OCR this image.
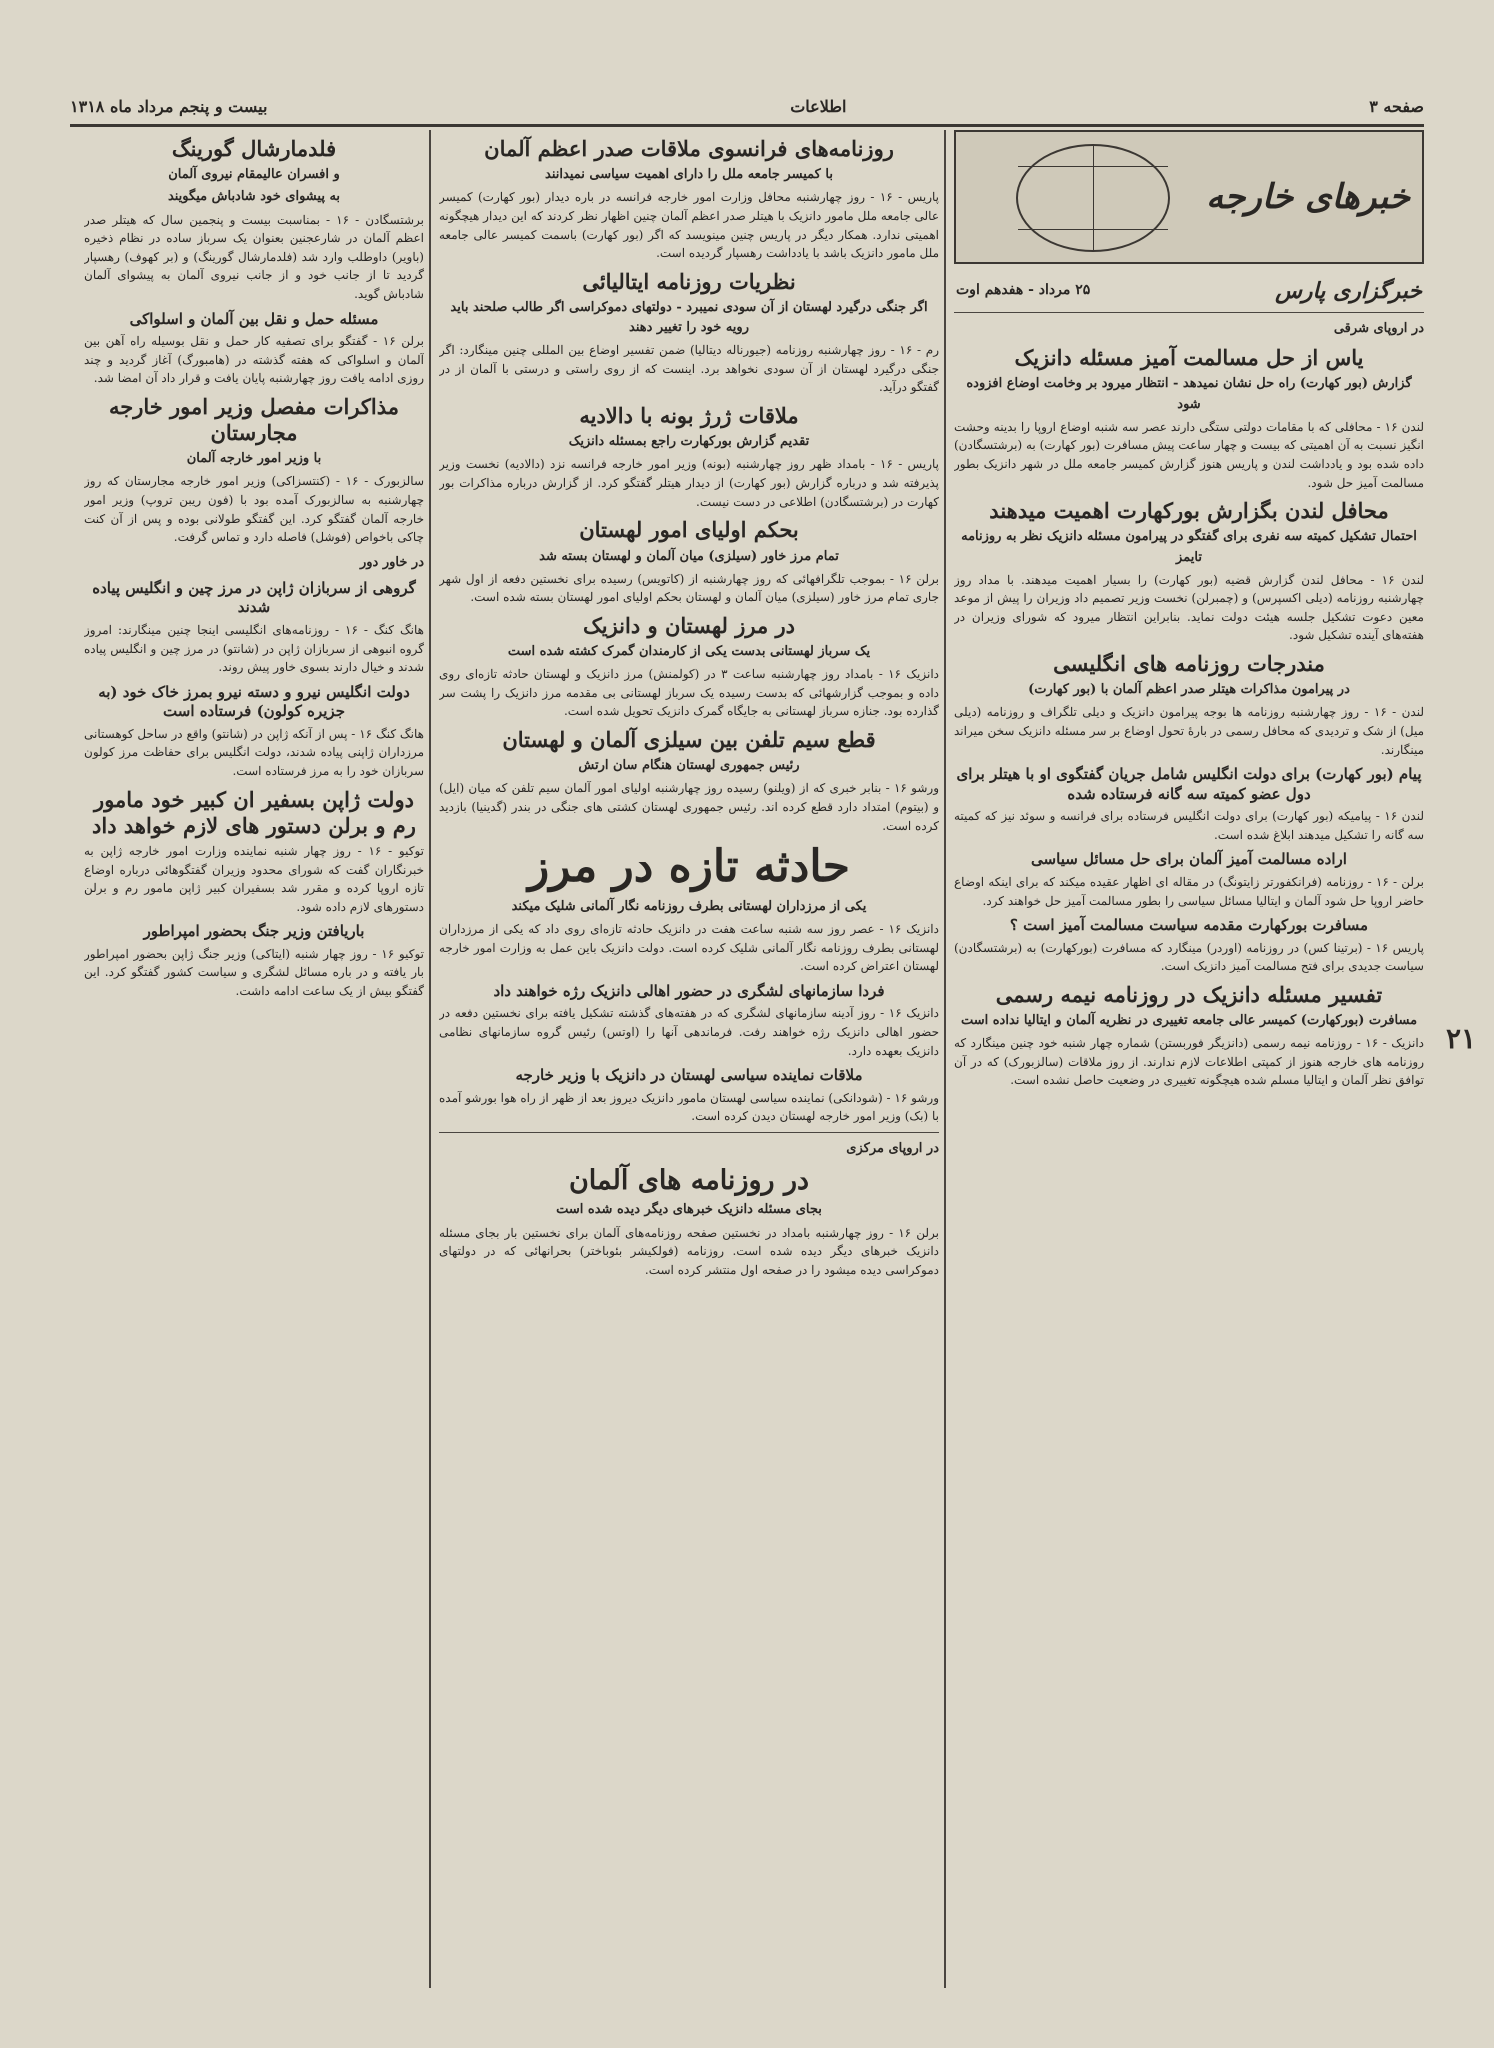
صفحه ۳
اطلاعات
بیست و پنجم مرداد ماه ۱۳۱۸
خبرهای خارجه
خبرگزاری پارس
۲۵ مرداد - هفدهم اوت
در اروپای شرقی
یاس از حل مسالمت آمیز مسئله دانزیک
گزارش (بور کهارت) راه حل نشان نمیدهد - انتظار میرود بر وخامت اوضاع افزوده شود

لندن ۱۶ - محافلی که با مقامات دولتی ستگی دارند عصر سه شنبه اوضاع اروپا را بدینه وحشت انگیز نسبت به آن اهمیتی که بیست و چهار ساعت پیش مسافرت (بور کهارت) به (برشتسگادن) داده شده بود و یادداشت لندن و پاریس هنوز گزارش کمیسر جامعه ملل در شهر دانزیک بطور مسالمت آمیز حل شود.

محافل لندن بگزارش بورکهارت اهمیت میدهند
احتمال تشکیل کمیته سه نفری برای گفتگو در پیرامون مسئله دانزیک نظر به روزنامه تایمز

لندن ۱۶ - محافل لندن گزارش قضیه (بور کهارت) را بسیار اهمیت میدهند. با مداد روز چهارشنبه روزنامه (دیلی اکسپرس) و (چمبرلن) نخست وزیر تصمیم داد وزیران را پیش از موعد معین دعوت تشکیل جلسه هیئت دولت نماید. بنابراین انتظار میرود که شورای وزیران در هفته‌های آینده تشکیل شود.

مندرجات روزنامه های انگلیسی
در پیرامون مذاکرات هیتلر صدر اعظم آلمان با (بور کهارت)

لندن - ۱۶ - روز چهارشنبه روزنامه ها بوجه پیرامون دانزیک و دیلی تلگراف و روزنامه (دیلی میل) از شک و تردیدی که محافل رسمی در بارهٔ تحول اوضاع بر سر مسئله دانزیک سخن میراند مینگارند.

پیام (بور کهارت) برای دولت انگلیس شامل جریان گفتگوی او با هیتلر برای دول عضو کمیته سه گانه فرستاده شده

لندن ۱۶ - پیامیکه (بور کهارت) برای دولت انگلیس فرستاده برای فرانسه و سوئد نیز که کمیته سه گانه را تشکیل میدهند ابلاغ شده است.

اراده مسالمت آمیز آلمان برای حل مسائل سیاسی

برلن - ۱۶ - روزنامه (فرانکفورتر زایتونگ) در مقاله ای اظهار عقیده میکند که برای اینکه اوضاع حاضر اروپا حل شود آلمان و ایتالیا مسائل سیاسی را بطور مسالمت آمیز حل خواهند کرد.

مسافرت بورکهارت مقدمه سیاست مسالمت آمیز است ؟

پاریس ۱۶ - (برتینا کس) در روزنامه (اوردر) مینگارد که مسافرت (بورکهارت) به (برشتسگادن) سیاست جدیدی برای فتح مسالمت آمیز دانزیک است.

تفسیر مسئله دانزیک در روزنامه نیمه رسمی
مسافرت (بورکهارت) کمیسر عالی جامعه تغییری در نظریه آلمان و ایتالیا نداده است

دانزیک - ۱۶ - روزنامه نیمه رسمی (دانزیگر فوربستن) شماره چهار شنبه خود چنین مینگارد که روزنامه های خارجه هنوز از کمپتی اطلاعات لازم ندارند. از روز ملاقات (سالزبورک) که در آن توافق نظر آلمان و ایتالیا مسلم شده هیچگونه تغییری در وضعیت حاصل نشده است.

روزنامه‌های فرانسوی ملاقات صدر اعظم آلمان
با کمیسر جامعه ملل را دارای اهمیت سیاسی نمیدانند

پاریس - ۱۶ - روز چهارشنبه محافل وزارت امور خارجه فرانسه در باره دیدار (بور کهارت) کمیسر عالی جامعه ملل مامور دانزیک با هیتلر صدر اعظم آلمان چنین اظهار نظر کردند که این دیدار هیچگونه اهمیتی ندارد. همکار دیگر در پاریس چنین مینویسد که اگر (بور کهارت) باسمت کمیسر عالی جامعه ملل مامور دانزیک باشد با یادداشت رهسپار گردیده است.

نظریات روزنامه ایتالیائی
اگر جنگی درگیرد لهستان از آن سودی نمیبرد - دولتهای دموکراسی اگر طالب صلحند باید رویه خود را تغییر دهند

رم - ۱۶ - روز چهارشنبه روزنامه (جیورناله دیتالیا) ضمن تفسیر اوضاع بین المللی چنین مینگارد: اگر جنگی درگیرد لهستان از آن سودی نخواهد برد. اینست که از روی راستی و درستی با آلمان از در گفتگو درآید.

ملاقات ژرژ بونه با دالادیه
تقدیم گزارش بورکهارت راجع بمسئله دانزیک

پاریس - ۱۶ - بامداد ظهر روز چهارشنبه (بونه) وزیر امور خارجه فرانسه نزد (دالادیه) نخست وزیر پذیرفته شد و درباره گزارش (بور کهارت) از دیدار هیتلر گفتگو کرد. از گزارش درباره مذاکرات بور کهارت در (برشتسگادن) اطلاعی در دست نیست.

بحکم اولیای امور لهستان
تمام مرز خاور (سیلزی) میان آلمان و لهستان بسته شد

برلن ۱۶ - بموجب تلگرافهائی که روز چهارشنبه از (کاتویس) رسیده برای نخستین دفعه از اول شهر جاری تمام مرز خاور (سیلزی) میان آلمان و لهستان بحکم اولیای امور لهستان بسته شده است.

در مرز لهستان و دانزیک
یک سرباز لهستانی بدست یکی از کارمندان گمرک کشته شده است

دانزیک ۱۶ - بامداد روز چهارشنبه ساعت ۳ در (کولمنش) مرز دانزیک و لهستان حادثه تازه‌ای روی داده و بموجب گزارشهائی که بدست رسیده یک سرباز لهستانی بی مقدمه مرز دانزیک را پشت سر گذارده بود. جنازه سرباز لهستانی به جایگاه گمرک دانزیک تحویل شده است.

قطع سیم تلفن بین سیلزی آلمان و لهستان
رئیس جمهوری لهستان هنگام سان ارتش

ورشو ۱۶ - بنابر خبری که از (ویلنو) رسیده روز چهارشنبه اولیای امور آلمان سیم تلفن که میان (ایل) و (بیتوم) امتداد دارد قطع کرده اند. رئیس جمهوری لهستان کشتی های جنگی در بندر (گدینیا) بازدید کرده است.

حادثه تازه در مرز
یکی از مرزداران لهستانی بطرف روزنامه نگار آلمانی شلیک میکند

دانزیک ۱۶ - عصر روز سه شنبه ساعت هفت در دانزیک حادثه تازه‌ای روی داد که یکی از مرزداران لهستانی بطرف روزنامه نگار آلمانی شلیک کرده است. دولت دانزیک باین عمل به وزارت امور خارجه لهستان اعتراض کرده است.

فردا سازمانهای لشگری در حضور اهالی دانزیک رژه خواهند داد

دانزیک ۱۶ - روز آدینه سازمانهای لشگری که در هفته‌های گذشته تشکیل یافته برای نخستین دفعه در حضور اهالی دانزیک رژه خواهند رفت. فرماندهی آنها را (اوتس) رئیس گروه سازمانهای نظامی دانزیک بعهده دارد.

ملاقات نماینده سیاسی لهستان در دانزیک با وزیر خارجه

ورشو ۱۶ - (شودانکی) نماینده سیاسی لهستان مامور دانزیک دیروز بعد از ظهر از راه هوا بورشو آمده با (بک) وزیر امور خارجه لهستان دیدن کرده است.

در اروپای مرکزی
در روزنامه های آلمان
بجای مسئله دانزیک خبرهای دیگر دیده شده است

برلن ۱۶ - روز چهارشنبه بامداد در نخستین صفحه روزنامه‌های آلمان برای نخستین بار بجای مسئله دانزیک خبرهای دیگر دیده شده است. روزنامه (فولکیشر بئوباختر) بحرانهائی که در دولتهای دموکراسی دیده میشود را در صفحه اول منتشر کرده است.

فلدمارشال گورینگ
و افسران عالیمقام نیروی آلمان
به پیشوای خود شادباش میگویند

برشتسگادن - ۱۶ - بمناسبت بیست و پنجمین سال که هیتلر صدر اعظم آلمان در شارعجنین بعنوان یک سرباز ساده در نظام ذخیره (باویر) داوطلب وارد شد (فلدمارشال گورینگ) و (بر کهوف) رهسپار گردید تا از جانب خود و از جانب نیروی آلمان به پیشوای آلمان شادباش گوید.

مسئله حمل و نقل بین آلمان و اسلواکی

برلن ۱۶ - گفتگو برای تصفیه کار حمل و نقل بوسیله راه آهن بین آلمان و اسلواکی که هفته گذشته در (هامبورگ) آغاز گردید و چند روزی ادامه یافت روز چهارشنبه پایان یافت و قرار داد آن امضا شد.

مذاکرات مفصل وزیر امور خارجه مجارستان
با وزیر امور خارجه آلمان

سالزبورک - ۱۶ - (کنتسزاکی) وزیر امور خارجه مجارستان که روز چهارشنبه به سالزبورک آمده بود با (فون ریبن تروپ) وزیر امور خارجه آلمان گفتگو کرد. این گفتگو طولانی بوده و پس از آن کنت چاکی باخواص (فوشل) فاصله دارد و تماس گرفت.

در خاور دور
گروهی از سربازان ژاپن در مرز چین و انگلیس پیاده شدند

هانگ کنگ - ۱۶ - روزنامه‌های انگلیسی اینجا چنین مینگارند: امروز گروه انبوهی از سربازان ژاپن در (شانتو) در مرز چین و انگلیس پیاده شدند و خیال دارند بسوی خاور پیش روند.

دولت انگلیس نیرو و دسته نیرو بمرز خاک خود (به جزیره کولون) فرستاده است

هانگ کنگ ۱۶ - پس از آنکه ژاپن در (شانتو) واقع در ساحل کوهستانی مرزداران ژاپنی پیاده شدند، دولت انگلیس برای حفاظت مرز کولون سربازان خود را به مرز فرستاده است.

دولت ژاپن بسفیر ان کبیر خود مامور رم و برلن دستور های لازم خواهد داد

توکیو - ۱۶ - روز چهار شنبه نماینده وزارت امور خارجه ژاپن به خبرنگاران گفت که شورای محدود وزیران گفتگوهائی درباره اوضاع تازه اروپا کرده و مقرر شد بسفیران کبیر ژاپن مامور رم و برلن دستورهای لازم داده شود.

باریافتن وزیر جنگ بحضور امپراطور

توکیو ۱۶ - روز چهار شنبه (ایتاکی) وزیر جنگ ژاپن بحضور امپراطور بار یافته و در باره مسائل لشگری و سیاست کشور گفتگو کرد. این گفتگو بیش از یک ساعت ادامه داشت.

۲۱
